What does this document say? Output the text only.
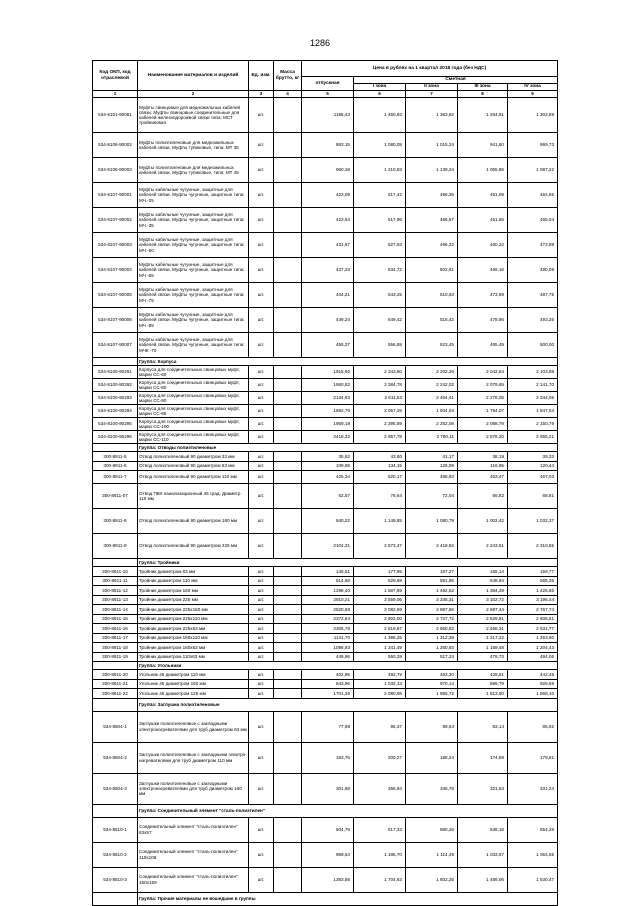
1286
Код ОКП, код отраслевой	Наименование материалов и изделий	Ед. изм.	Масса брутто, кг	Цена в рублях на 1 квартал 2018 года (без НДС)				
				отпускная	Сметная			
					I зона	II зона	III зона	IV зона
1	2	3	4	5	6	7	8	9
534-8101-90061	Муфты свинцовые для медножильных кабелей связи. Муфты свинцовые соединительные для кабелей железнодорожной связи типа: МСТ тройниковая	шт.		1186,43	1 450,93	1 363,82	1 264,91	1 302,69
534-8106-90002	Муфты полиэтиленовые для медножильных кабелей связи. Муфты тупиковые, типа: МТ 35	шт.		863,15	1 080,09	1 015,24	941,60	969,73
534-8106-90003	Муфты полиэтиленовые для медножильных кабелей связи. Муфты тупиковые, типа: МТ 45	шт.		960,18	1 210,93	1 139,24	1 055,86	1 087,22
534-8107-90001	Муфты кабельные чугунные, защитные для кабелей связи. Муфты чугунные, защитные типа: МЧ -25	шт.		423,09	517,42	486,35	451,09	464,55
534-8107-90002	Муфты кабельные чугунные, защитные для кабелей связи. Муфты чугунные, защитные типа: МЧ -35	шт.		423,64	517,96	486,87	451,55	465,04
534-8107-90003	Муфты кабельные чугунные, защитные для кабелей связи. Муфты чугунные, защитные типа: МЧ -50	шт.		431,67	527,93	496,22	460,22	473,98
534-8107-90004	Муфты кабельные чугунные, защитные для кабелей связи. Муфты чугунные, защитные типа: МЧ -65	шт.		437,23	534,72	502,61	466,16	480,09
534-8107-90005	Муфты кабельные чугунные, защитные для кабелей связи. Муфты чугунные, защитные типа: МЧ -75	шт.		444,21	543,25	510,63	473,59	487,75
534-8107-90006	Муфты кабельные чугунные, защитные для кабелей связи. Муфты чугунные, защитные типа: МЧ -85	шт.		449,24	549,42	516,42	478,96	493,26
534-8107-90007	Муфты кабельные чугунные, защитные для кабелей связи. Муфты чугунные, защитные типа: МЧК -70	шт.		455,37	556,89	523,45	485,49	500,00
	Группа: Корпуса							
534-8100-90291	Корпуса для соединительных свинцовых муфт, марки СС-60	шт.		1915,60	2 343,60	2 202,26	2 042,54	2 103,98
534-8100-90292	Корпуса для соединительных свинцовых муфт, марки СС-80	шт.		1950,82	2 384,78	2 242,02	2 079,65	2 141,70
534-8100-90293	Корпуса для соединительных свинцовых муфт, марки СС-90	шт.		2134,83	2 611,53	2 454,41	2 276,05	2 344,05
534-8100-90294	Корпуса для соединительных свинцовых муфт, марки СС-95	шт.		1682,76	2 057,26	1 934,04	1 794,07	1 847,04
534-8100-90295	Корпуса для соединительных свинцовых муфт, марки СС-100	шт.		1959,19	2 395,89	2 252,08	2 088,79	2 150,79
534-8100-90296	Корпуса для соединительных свинцовых муфт, марки СС-110	шт.		2418,32	2 957,78	2 780,11	2 578,20	2 655,21
	Группа: Отводы полиэтиленовые							
300-8911-5	Отвод полиэтиленовый 90 диаметром 32 мм	шт.		35,62	43,80	41,17	38,19	39,33
300-8911-6	Отвод полиэтиленовый 90 диаметром 63 мм	шт.		109,69	134,15	126,09	116,95	120,44
300-8911-7	Отвод полиэтиленовый 90 диаметром 110 мм	шт.		425,34	520,17	488,93	453,47	467,03
300-8911-07	Отвод ПВХ канализационный 45 град. Диаметр 110 мм	шт.		62,57	76,64	72,04	66,82	68,81
300-8911-8	Отвод полиэтиленовый 90 диаметром 160 мм	шт.		940,22	1 149,85	1 080,79	1 002,42	1 032,37
300-8911-9	Отвод полиэтиленовый 90 диаметром 225 мм	шт.		2104,31	2 573,47	2 418,92	2 243,51	2 310,55
	Группа: Тройники							
300-8911-10	Тройник диаметром 63 мм	шт.		145,51	177,95	167,27	155,14	159,77
300-8911-11	Тройник диаметром 110 мм	шт.		514,68	629,68	591,86	548,94	565,35
300-8911-12	Тройник диаметром 160 мм	шт.		1298,40	1 587,89	1 492,52	1 384,29	1 425,66
300-8911-13	Тройник диаметром 225 мм	шт.		2910,21	3 559,06	3 345,31	3 102,72	3 195,44
300-8911-14	Тройник диаметром 225х160 мм	шт.		2520,69	3 082,69	2 897,56	2 687,44	2 767,74
300-8911-15	Тройник диаметром 225х110 мм	шт.		2372,84	2 902,00	2 727,72	2 529,91	2 605,51
300-8911-16	Тройник диаметром 225х63 мм	шт.		2305,78	2 819,87	2 650,52	2 458,31	2 531,77
300-8911-17	Тройник диаметром 160х110 мм	шт.		1141,70	1 396,25	1 312,39	1 217,22	1 253,60
300-8911-18	Тройник диаметром 160х63 мм	шт.		1096,93	1 341,49	1 260,93	1 169,48	1 204,43
300-8911-19	Тройник диаметром 110х63 мм	шт.		449,96	550,29	517,24	479,73	494,06
	Группа: Угольники							
300-8911-20	Угольник 45 диаметром 110 мм	шт.		402,95	492,79	463,20	429,61	442,45
300-8911-21	Угольник 45 диаметром 160 мм	шт.		843,96	1 032,13	970,14	899,79	926,69
300-8911-22	Угольник 45 диаметром 125 мм	шт.		1701,35	2 080,68	1 955,72	1 813,90	1 868,10
	Группа: Заглушки полиэтиленовые							
534-8504-1	Заглушки полиэтиленовые с закладными электронагревателями для труб диаметром 63 мм	шт.		77,98	95,37	89,64	83,14	85,62
534-8504-2	Заглушки полиэтиленовые с закладными электро-нагревателями для труб диаметром 110 мм	шт.		163,76	200,27	188,24	174,59	179,81
534-8504-3	Заглушки полиэтиленовые с закладными электронагревателями для труб диаметром 160 мм	шт.		301,68	368,94	346,78	321,63	331,24
	Группа: Соединительный элемент "сталь-полиэтилен"							
534-8510-1	Соединительный элемент "сталь-полиэтилен" 63х57	шт.		504,79	617,33	580,26	538,18	554,26
534-8510-2	Соединительный элемент "сталь-полиэтилен" 110х108	шт.		969,54	1 185,70	1 114,49	1 033,67	1 064,55
534-8510-3	Соединительный элемент "сталь-полиэтилен" 160х159	шт.		1393,86	1 704,63	1 602,25	1 486,06	1 530,47
	Группа: Прочие материалы не вошедшие в группы							
